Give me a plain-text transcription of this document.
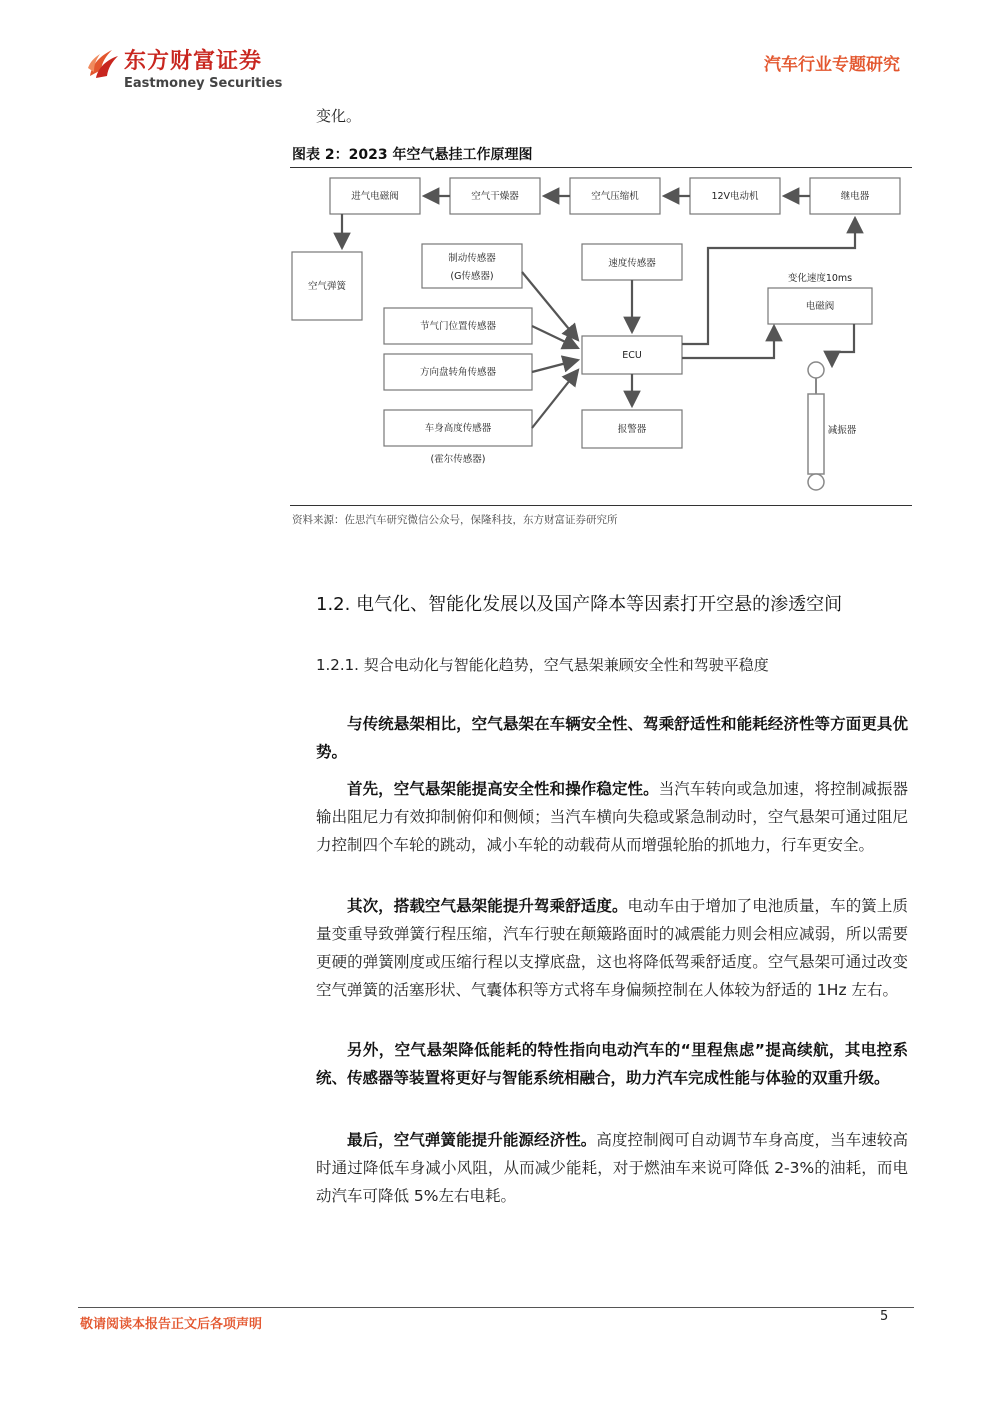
东方财富证券
Eastmoney Securities
汽车行业专题研究
变化。
图表 2：2023 年空气悬挂工作原理图
进气电磁阀	空气干燥器	空气压缩机	12V电动机	继电器
空气弹簧
制动传感器
(G传感器)
速度传感器
变化速度10ms
电磁阀
节气门位置传感器
ECU
方向盘转角传感器
车身高度传感器
(霍尔传感器)
报警器	减振器
资料来源：佐思汽车研究微信公众号，保隆科技，东方财富证券研究所
1.2. 电气化、智能化发展以及国产降本等因素打开空悬的渗透空间
1.2.1. 契合电动化与智能化趋势，空气悬架兼顾安全性和驾驶平稳度
与传统悬架相比，空气悬架在车辆安全性、驾乘舒适性和能耗经济性等方面更具优势。
首先，空气悬架能提高安全性和操作稳定性。当汽车转向或急加速，将控制减振器输出阻尼力有效抑制俯仰和侧倾；当汽车横向失稳或紧急制动时，空气悬架可通过阻尼力控制四个车轮的跳动，减小车轮的动载荷从而增强轮胎的抓地力，行车更安全。
其次，搭载空气悬架能提升驾乘舒适度。电动车由于增加了电池质量，车的簧上质量变重导致弹簧行程压缩，汽车行驶在颠簸路面时的减震能力则会相应减弱，所以需要更硬的弹簧刚度或压缩行程以支撑底盘，这也将降低驾乘舒适度。空气悬架可通过改变空气弹簧的活塞形状、气囊体积等方式将车身偏频控制在人体较为舒适的 1Hz 左右。
另外，空气悬架降低能耗的特性指向电动汽车的“里程焦虑”提高续航，其电控系统、传感器等装置将更好与智能系统相融合，助力汽车完成性能与体验的双重升级。
最后，空气弹簧能提升能源经济性。高度控制阀可自动调节车身高度，当车速较高时通过降低车身减小风阻，从而减少能耗，对于燃油车来说可降低 2-3%的油耗，而电动汽车可降低 5%左右电耗。
敬请阅读本报告正文后各项声明
5
